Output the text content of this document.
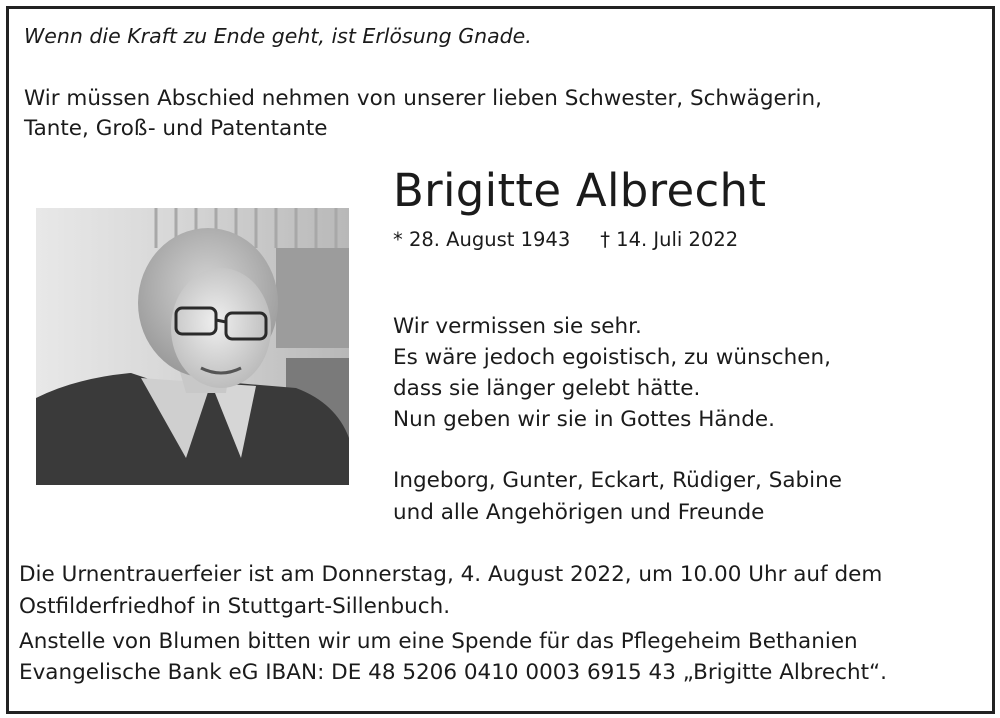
Wenn die Kraft zu Ende geht, ist Erlösung Gnade.

Wir müssen Abschied nehmen von unserer lieben Schwester, Schwägerin,
Tante, Groß- und Patentante

Brigitte Albrecht

* 28. August 1943 † 14. Juli 2022

Wir vermissen sie sehr.
Es wäre jedoch egoistisch, zu wünschen,
dass sie länger gelebt hätte.
Nun geben wir sie in Gottes Hände.

Ingeborg, Gunter, Eckart, Rüdiger, Sabine
und alle Angehörigen und Freunde

Die Urnentrauerfeier ist am Donnerstag, 4. August 2022, um 10.00 Uhr auf dem
Ostfilderfriedhof in Stuttgart-Sillenbuch.

Anstelle von Blumen bitten wir um eine Spende für das Pflegeheim Bethanien
Evangelische Bank eG IBAN: DE 48 5206 0410 0003 6915 43 „Brigitte Albrecht“.
